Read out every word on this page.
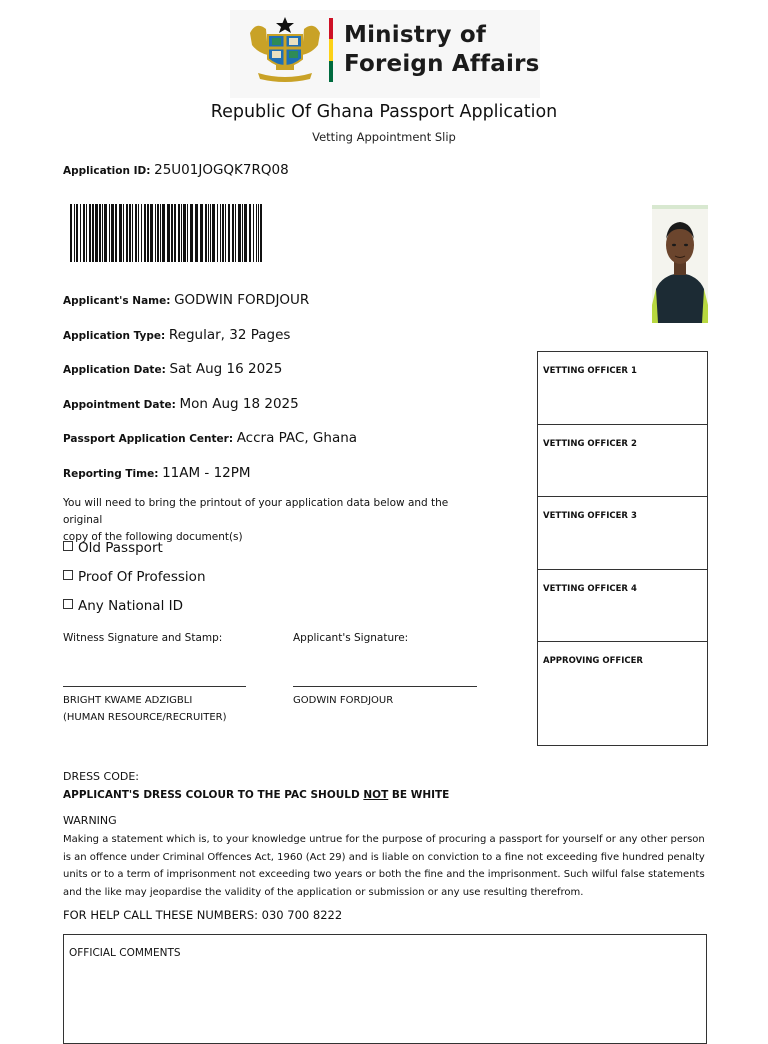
Ministry of
Foreign Affairs
Republic Of Ghana Passport Application
Vetting Appointment Slip
Application ID: 25U01JOGQK7RQ08
Applicant's Name: GODWIN FORDJOUR
Application Type: Regular, 32 Pages
Application Date: Sat Aug 16 2025
Appointment Date: Mon Aug 18 2025
Passport Application Center: Accra PAC, Ghana
Reporting Time: 11AM - 12PM
You will need to bring the printout of your application data below and the original
copy of the following document(s)
Old Passport
Proof Of Profession
Any National ID
Witness Signature and Stamp:	Applicant's Signature:
BRIGHT KWAME ADZIGBLI
(HUMAN RESOURCE/RECRUITER)
GODWIN FORDJOUR
VETTING OFFICER 1
VETTING OFFICER 2
VETTING OFFICER 3
VETTING OFFICER 4
APPROVING OFFICER
DRESS CODE:
APPLICANT'S DRESS COLOUR TO THE PAC SHOULD NOT BE WHITE
WARNING
Making a statement which is, to your knowledge untrue for the purpose of procuring a passport for yourself or any other person is an offence under Criminal Offences Act, 1960 (Act 29) and is liable on conviction to a fine not exceeding five hundred penalty units or to a term of imprisonment not exceeding two years or both the fine and the imprisonment. Such wilful false statements and the like may jeopardise the validity of the application or submission or any use resulting therefrom.
FOR HELP CALL THESE NUMBERS: 030 700 8222
OFFICIAL COMMENTS
